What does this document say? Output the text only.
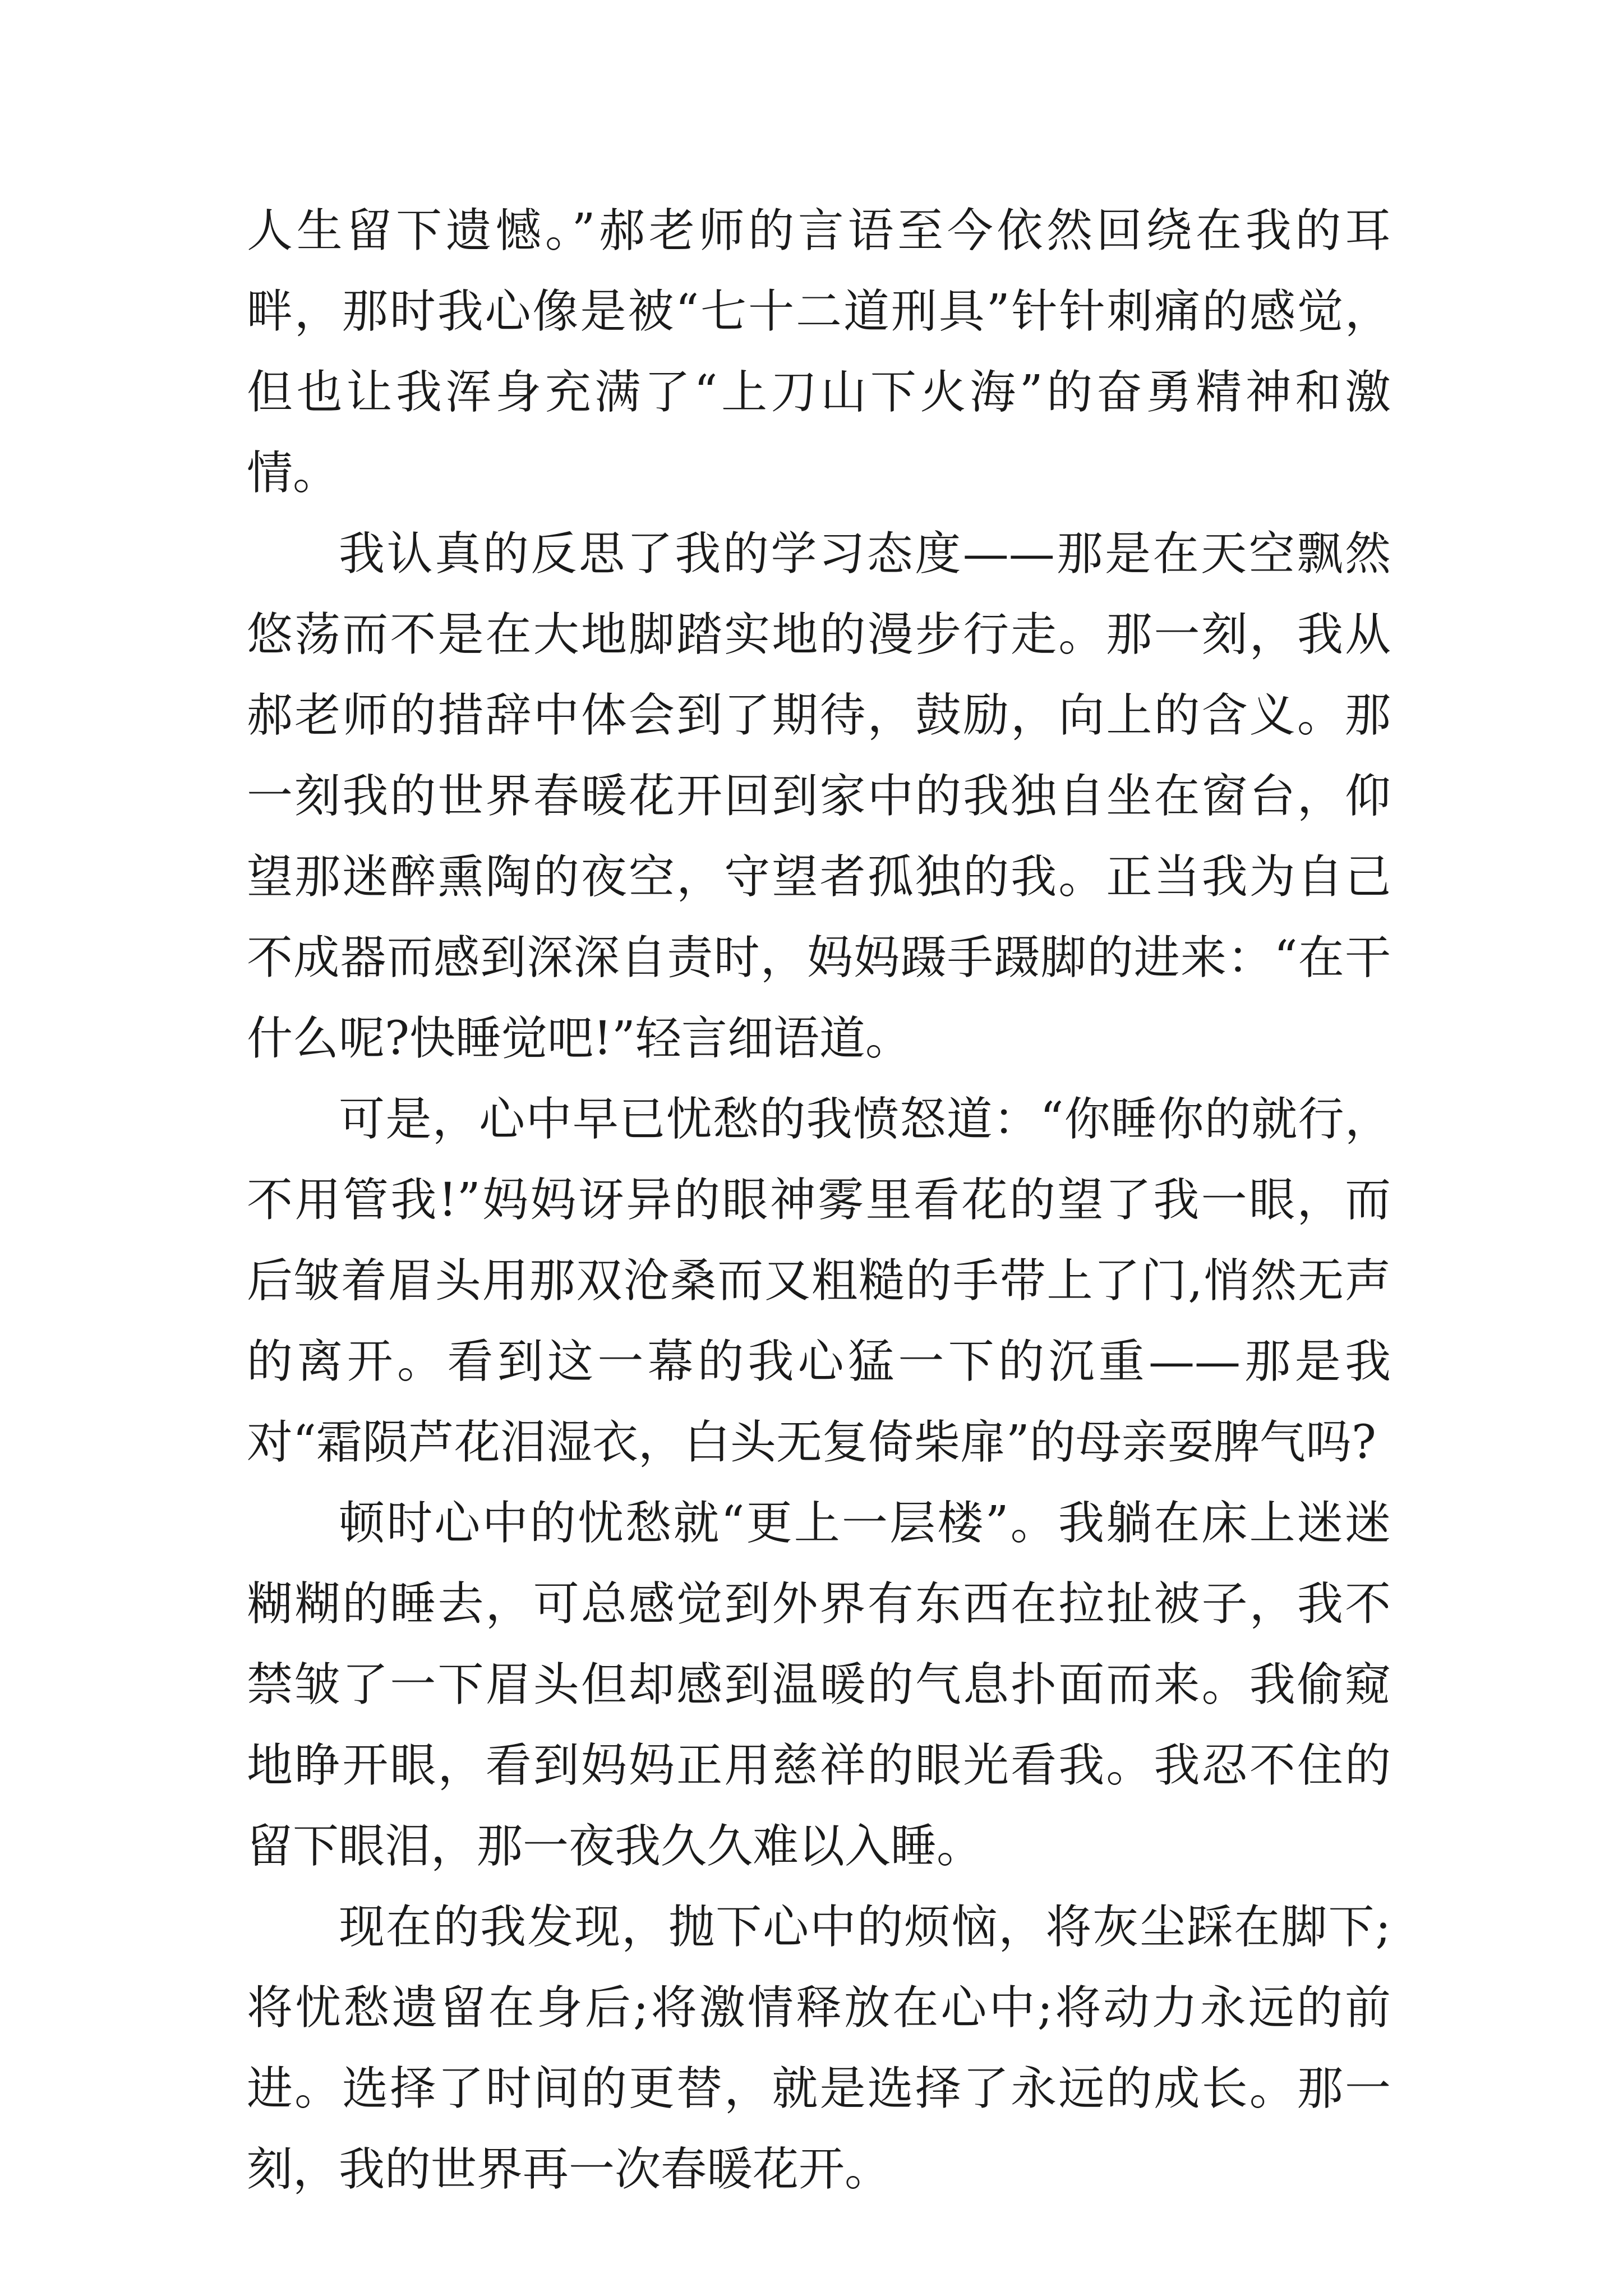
人生留下遗憾。”郝老师的言语至今依然回绕在我的耳畔，那时我心像是被“七十二道刑具”针针刺痛的感觉，但也让我浑身充满了“上刀山下火海”的奋勇精神和激情。

我认真的反思了我的学习态度——那是在天空飘然悠荡而不是在大地脚踏实地的漫步行走。那一刻，我从郝老师的措辞中体会到了期待，鼓励，向上的含义。那一刻我的世界春暖花开回到家中的我独自坐在窗台，仰望那迷醉熏陶的夜空，守望者孤独的我。正当我为自己不成器而感到深深自责时，妈妈蹑手蹑脚的进来：“在干什么呢?快睡觉吧!”轻言细语道。

可是，心中早已忧愁的我愤怒道：“你睡你的就行，不用管我!”妈妈讶异的眼神雾里看花的望了我一眼，而后皱着眉头用那双沧桑而又粗糙的手带上了门,悄然无声的离开。看到这一幕的我心猛一下的沉重——那是我对“霜陨芦花泪湿衣，白头无复倚柴扉”的母亲耍脾气吗?

顿时心中的忧愁就“更上一层楼”。我躺在床上迷迷糊糊的睡去，可总感觉到外界有东西在拉扯被子，我不禁皱了一下眉头但却感到温暖的气息扑面而来。我偷窥地睁开眼，看到妈妈正用慈祥的眼光看我。我忍不住的留下眼泪，那一夜我久久难以入睡。

现在的我发现，抛下心中的烦恼，将灰尘踩在脚下;将忧愁遗留在身后;将激情释放在心中;将动力永远的前进。选择了时间的更替，就是选择了永远的成长。那一刻，我的世界再一次春暖花开。
